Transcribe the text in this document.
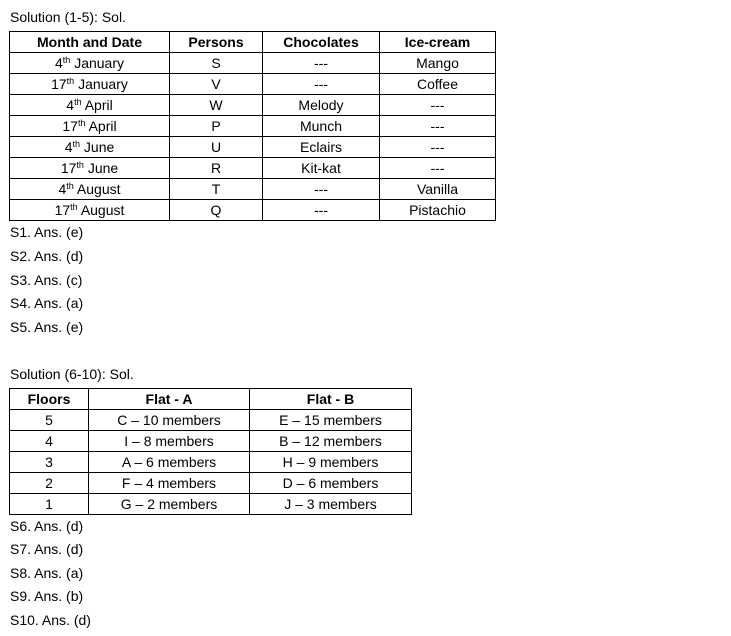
Solution (1-5): Sol.
Month and Date	Persons	Chocolates	Ice-cream
4th January	S	---	Mango
17th January	V	---	Coffee
4th April	W	Melody	---
17th April	P	Munch	---
4th June	U	Eclairs	---
17th June	R	Kit-kat	---
4th August	T	---	Vanilla
17th August	Q	---	Pistachio
S1. Ans. (e)
S2. Ans. (d)
S3. Ans. (c)
S4. Ans. (a)
S5. Ans. (e)
Solution (6-10): Sol.
Floors	Flat - A	Flat - B
5	C – 10 members	E – 15 members
4	I – 8 members	B – 12 members
3	A – 6 members	H – 9 members
2	F – 4 members	D – 6 members
1	G – 2 members	J – 3 members
S6. Ans. (d)
S7. Ans. (d)
S8. Ans. (a)
S9. Ans. (b)
S10. Ans. (d)
